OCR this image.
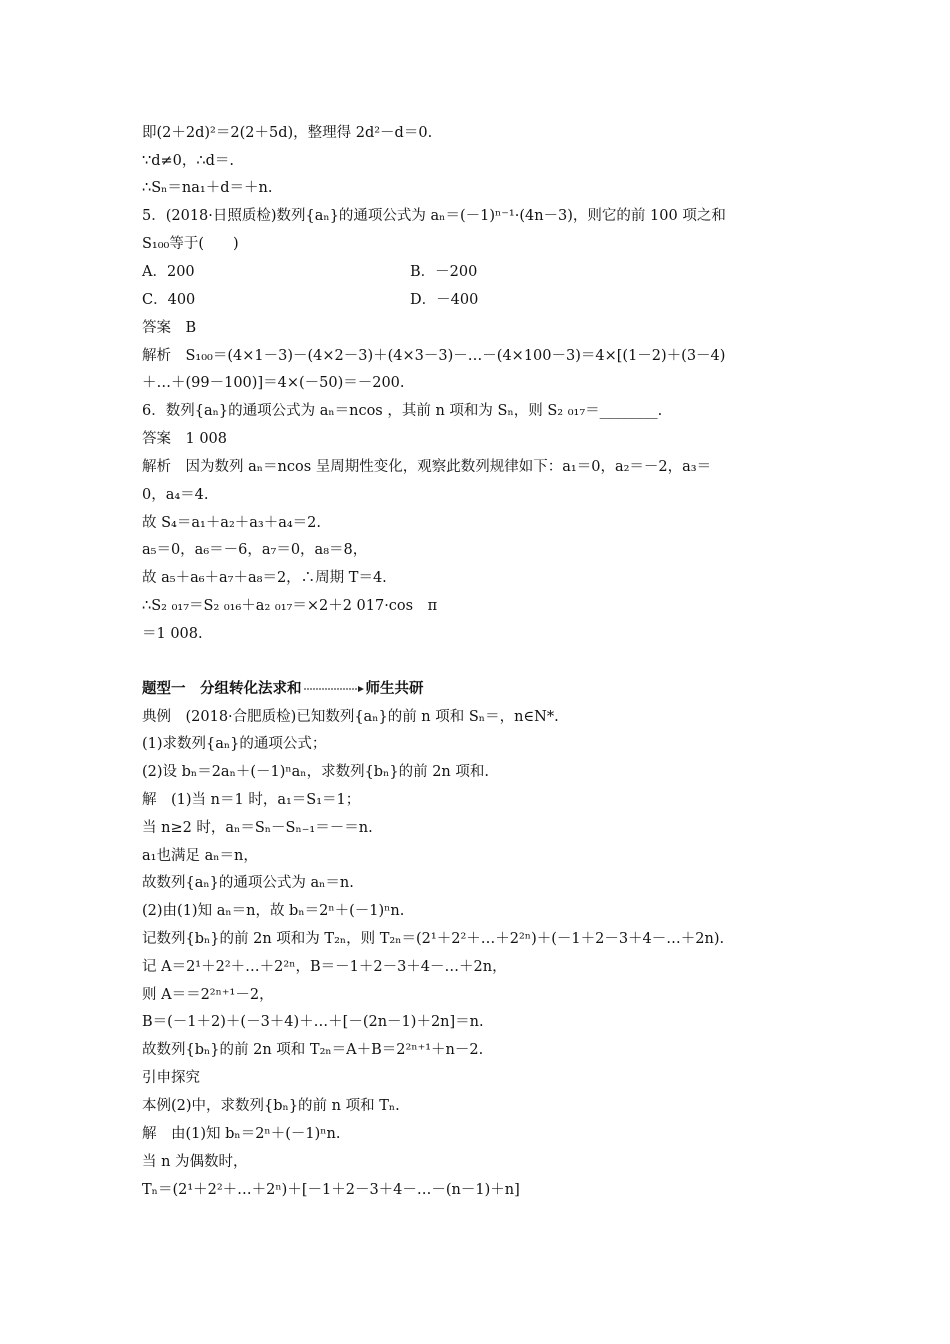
即(2＋2d)²＝2(2＋5d)，整理得 2d²－d＝0.
∵d≠0，∴d＝.
∴Sₙ＝na₁＋d＝＋n.
5．(2018·日照质检)数列{aₙ}的通项公式为 aₙ＝(－1)ⁿ⁻¹·(4n－3)，则它的前 100 项之和
S₁₀₀等于(　　)
A．200	B．－200
C．400	D．－400
答案　B
解析　S₁₀₀＝(4×1－3)－(4×2－3)＋(4×3－3)－…－(4×100－3)＝4×[(1－2)＋(3－4)
＋…＋(99－100)]＝4×(－50)＝－200.
6．数列{aₙ}的通项公式为 aₙ＝ncos ，其前 n 项和为 Sₙ，则 S₂ ₀₁₇＝________.
答案　1 008
解析　因为数列 aₙ＝ncos 呈周期性变化，观察此数列规律如下：a₁＝0，a₂＝－2，a₃＝
0，a₄＝4.
故 S₄＝a₁＋a₂＋a₃＋a₄＝2.
a₅＝0，a₆＝－6，a₇＝0，a₈＝8，
故 a₅＋a₆＋a₇＋a₈＝2，∴周期 T＝4.
∴S₂ ₀₁₇＝S₂ ₀₁₆＋a₂ ₀₁₇＝×2＋2 017·cos　π
＝1 008.
题型一　分组转化法求和	师生共研
典例　(2018·合肥质检)已知数列{aₙ}的前 n 项和 Sₙ＝，n∈N*.
(1)求数列{aₙ}的通项公式；
(2)设 bₙ＝2aₙ＋(－1)ⁿaₙ，求数列{bₙ}的前 2n 项和.
解　(1)当 n＝1 时，a₁＝S₁＝1；
当 n≥2 时，aₙ＝Sₙ－Sₙ₋₁＝－＝n.
a₁也满足 aₙ＝n，
故数列{aₙ}的通项公式为 aₙ＝n.
(2)由(1)知 aₙ＝n，故 bₙ＝2ⁿ＋(－1)ⁿn.
记数列{bₙ}的前 2n 项和为 T₂ₙ，则 T₂ₙ＝(2¹＋2²＋…＋2²ⁿ)＋(－1＋2－3＋4－…＋2n).
记 A＝2¹＋2²＋…＋2²ⁿ，B＝－1＋2－3＋4－…＋2n，
则 A＝＝2²ⁿ⁺¹－2，
B＝(－1＋2)＋(－3＋4)＋…＋[－(2n－1)＋2n]＝n.
故数列{bₙ}的前 2n 项和 T₂ₙ＝A＋B＝2²ⁿ⁺¹＋n－2.
引申探究
本例(2)中，求数列{bₙ}的前 n 项和 Tₙ.
解　由(1)知 bₙ＝2ⁿ＋(－1)ⁿn.
当 n 为偶数时，
Tₙ＝(2¹＋2²＋…＋2ⁿ)＋[－1＋2－3＋4－…－(n－1)＋n]
